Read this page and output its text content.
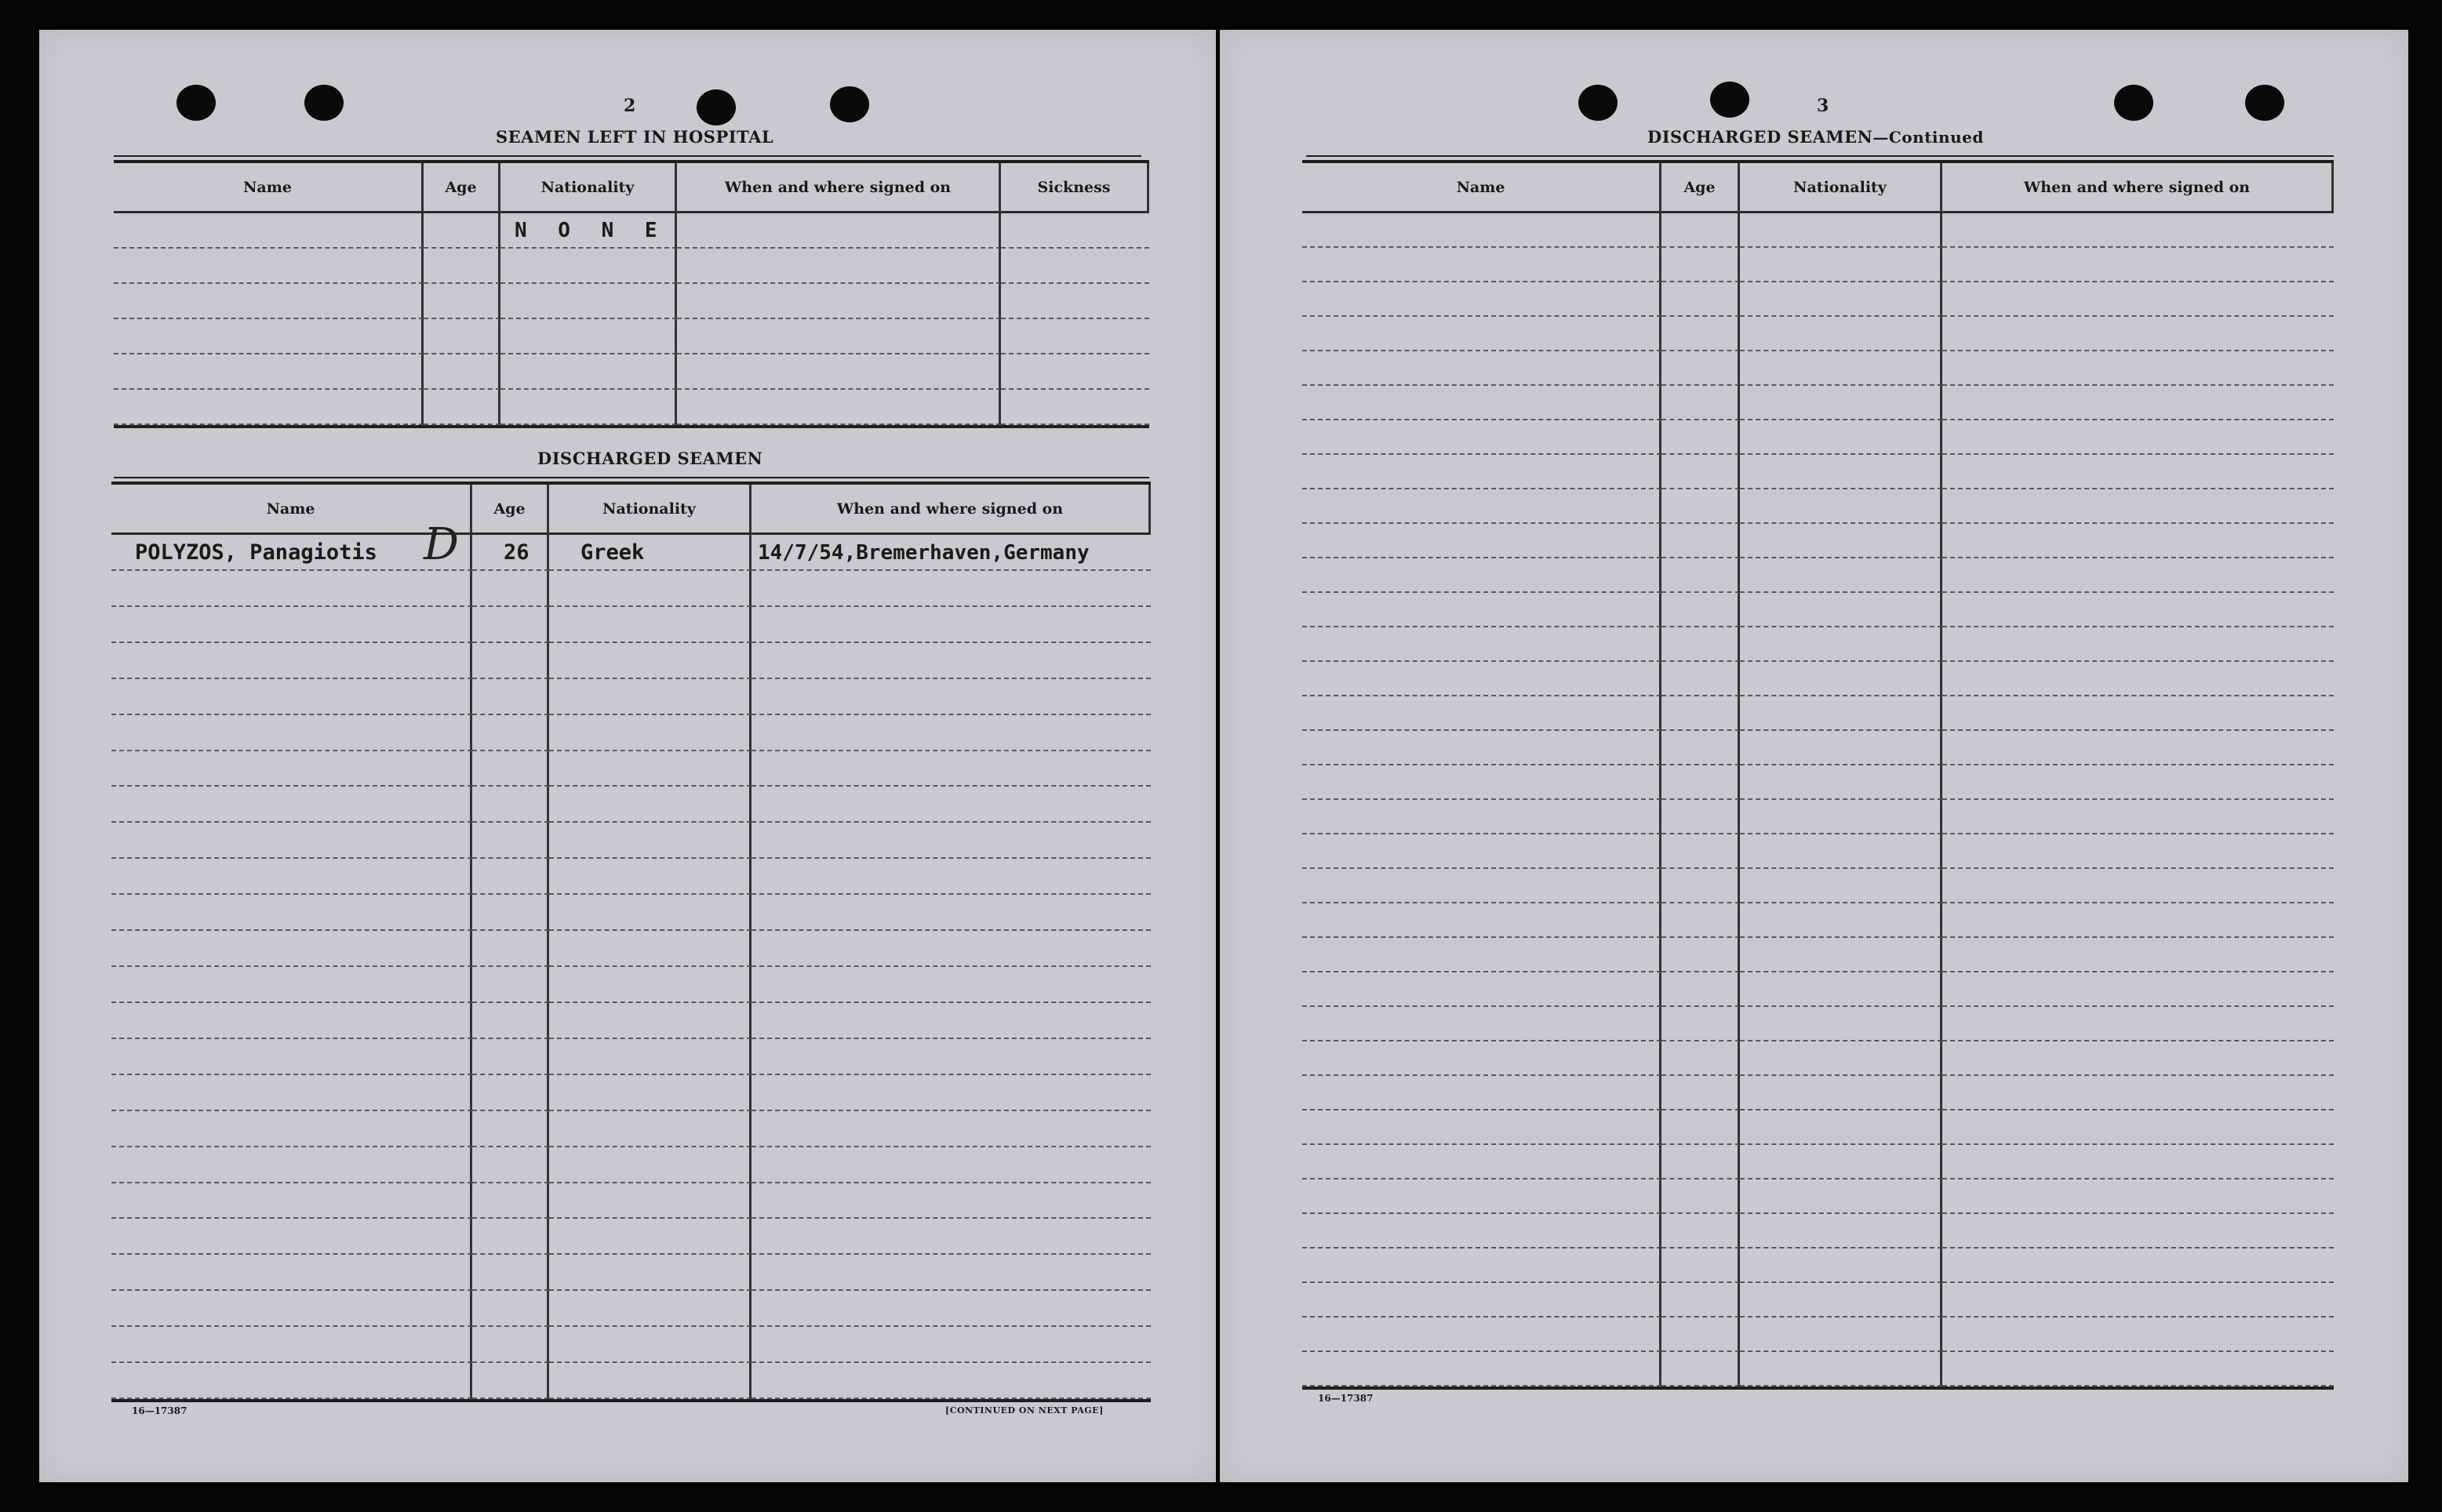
2
SEAMEN LEFT IN HOSPITAL
Name	Age	Nationality	When and where signed on	Sickness
N O N E
DISCHARGED SEAMEN
Name	Age	Nationality	When and where signed on
POLYZOS, Panagiotis	26	Greek	14/7/54,Bremerhaven,Germany
D
16—17387	[CONTINUED ON NEXT PAGE]
3
DISCHARGED SEAMEN—Continued
Name	Age	Nationality	When and where signed on
16—17387
